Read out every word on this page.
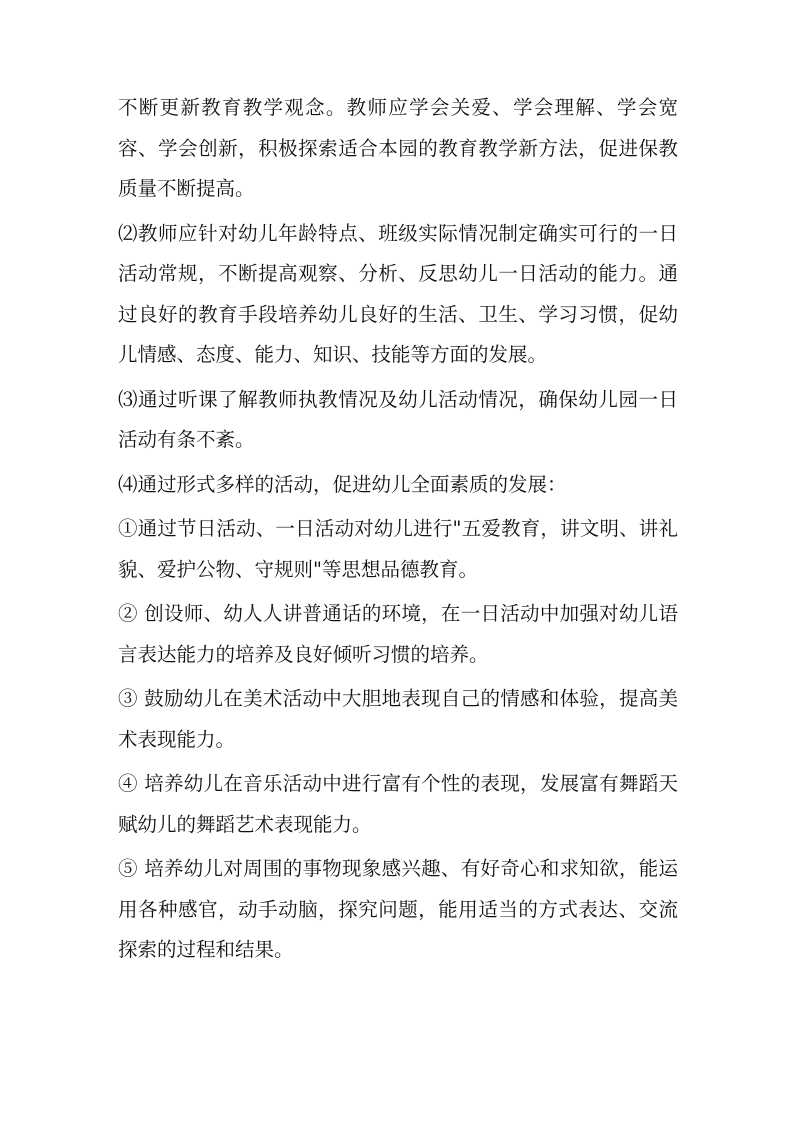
不断更新教育教学观念。教师应学会关爱、学会理解、学会宽容、学会创新，积极探索适合本园的教育教学新方法，促进保教质量不断提高。

⑵教师应针对幼儿年龄特点、班级实际情况制定确实可行的一日活动常规，不断提高观察、分析、反思幼儿一日活动的能力。通过良好的教育手段培养幼儿良好的生活、卫生、学习习惯，促幼儿情感、态度、能力、知识、技能等方面的发展。

⑶通过听课了解教师执教情况及幼儿活动情况，确保幼儿园一日活动有条不紊。

⑷通过形式多样的活动，促进幼儿全面素质的发展：

①通过节日活动、一日活动对幼儿进行"五爱教育，讲文明、讲礼貌、爱护公物、守规则"等思想品德教育。

② 创设师、幼人人讲普通话的环境，在一日活动中加强对幼儿语言表达能力的培养及良好倾听习惯的培养。

③ 鼓励幼儿在美术活动中大胆地表现自己的情感和体验，提高美术表现能力。

④ 培养幼儿在音乐活动中进行富有个性的表现，发展富有舞蹈天赋幼儿的舞蹈艺术表现能力。

⑤ 培养幼儿对周围的事物现象感兴趣、有好奇心和求知欲，能运用各种感官，动手动脑，探究问题，能用适当的方式表达、交流探索的过程和结果。
